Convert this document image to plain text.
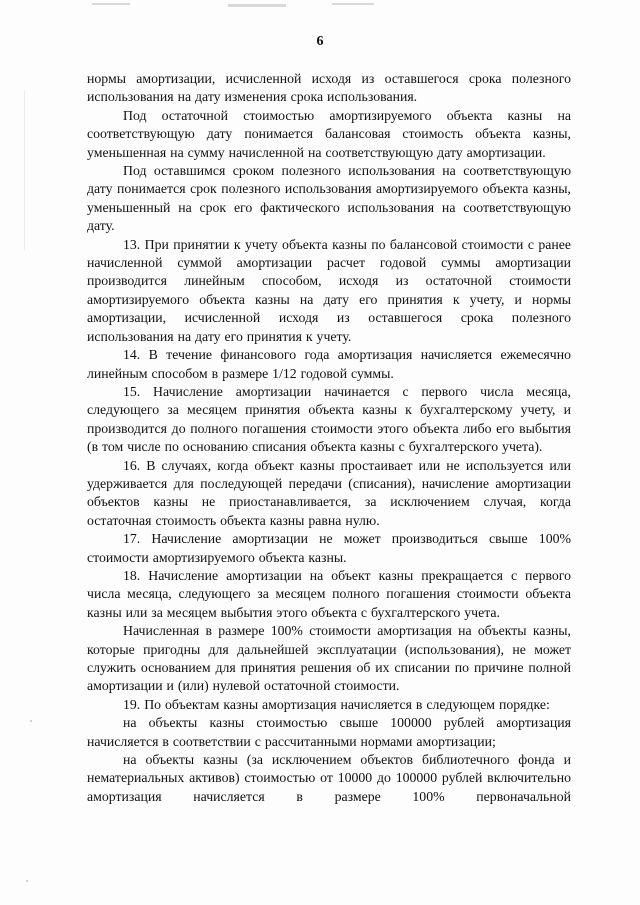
6

нормы амортизации, исчисленной исходя из оставшегося срока полезного использования на дату изменения срока использования.

Под остаточной стоимостью амортизируемого объекта казны на соответствующую дату понимается балансовая стоимость объекта казны, уменьшенная на сумму начисленной на соответствующую дату амортизации.

Под оставшимся сроком полезного использования на соответствующую дату понимается срок полезного использования амортизируемого объекта казны, уменьшенный на срок его фактического использования на соответствующую дату.

13. При принятии к учету объекта казны по балансовой стоимости с ранее начисленной суммой амортизации расчет годовой суммы амортизации производится линейным способом, исходя из остаточной стоимости амортизируемого объекта казны на дату его принятия к учету, и нормы амортизации, исчисленной исходя из оставшегося срока полезного использования на дату его принятия к учету.

14. В течение финансового года амортизация начисляется ежемесячно линейным способом в размере 1/12 годовой суммы.

15. Начисление амортизации начинается с первого числа месяца, следующего за месяцем принятия объекта казны к бухгалтерскому учету, и производится до полного погашения стоимости этого объекта либо его выбытия (в том числе по основанию списания объекта казны с бухгалтерского учета).

16. В случаях, когда объект казны простаивает или не используется или удерживается для последующей передачи (списания), начисление амортизации объектов казны не приостанавливается, за исключением случая, когда остаточная стоимость объекта казны равна нулю.

17. Начисление амортизации не может производиться свыше 100% стоимости амортизируемого объекта казны.

18. Начисление амортизации на объект казны прекращается с первого числа месяца, следующего за месяцем полного погашения стоимости объекта казны или за месяцем выбытия этого объекта с бухгалтерского учета.

Начисленная в размере 100% стоимости амортизация на объекты казны, которые пригодны для дальнейшей эксплуатации (использования), не может служить основанием для принятия решения об их списании по причине полной амортизации и (или) нулевой остаточной стоимости.

19. По объектам казны амортизация начисляется в следующем порядке:

на объекты казны стоимостью свыше 100000 рублей амортизация начисляется в соответствии с рассчитанными нормами амортизации;

на объекты казны (за исключением объектов библиотечного фонда и нематериальных активов) стоимостью от 10000 до 100000 рублей включительно амортизация начисляется в размере 100% первоначальной
